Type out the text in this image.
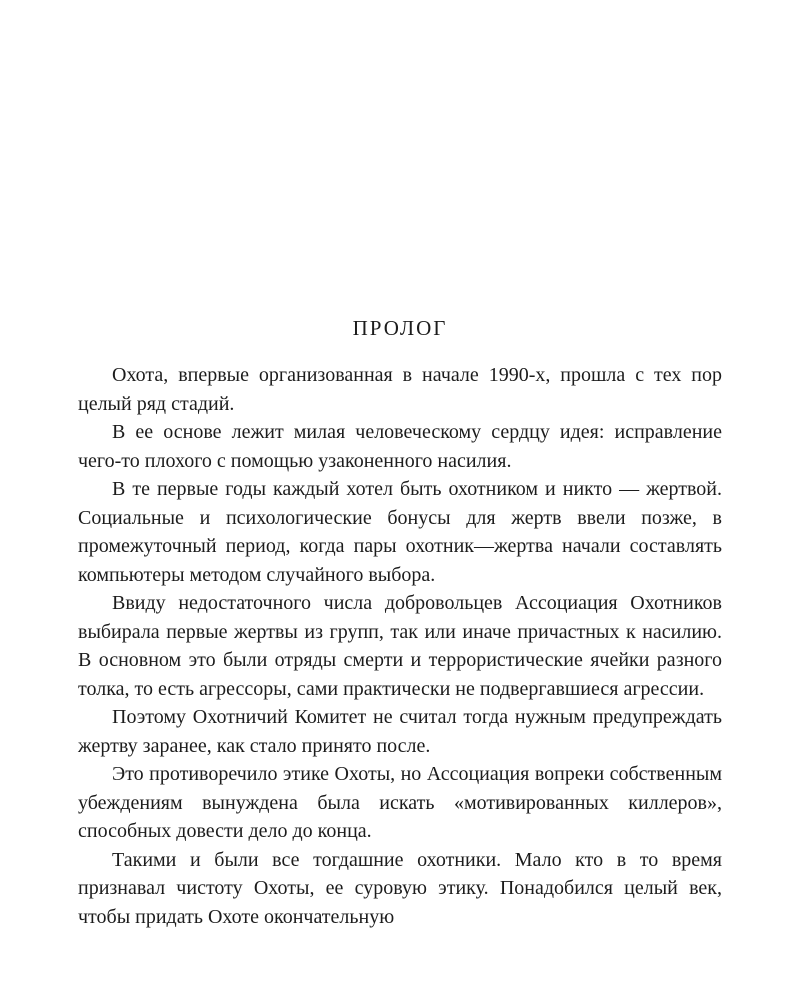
ПРОЛОГ

Охота, впервые организованная в начале 1990-х, прошла с тех пор целый ряд стадий.

В ее основе лежит милая человеческому сердцу идея: исправление чего-то плохого с помощью узаконенного насилия.

В те первые годы каждый хотел быть охотником и никто — жертвой. Социальные и психологические бонусы для жертв ввели позже, в промежуточный период, когда пары охотник—жертва начали составлять компьютеры методом случайного выбора.

Ввиду недостаточного числа добровольцев Ассоциация Охотников выбирала первые жертвы из групп, так или иначе причастных к насилию. В основном это были отряды смерти и террористические ячейки разного толка, то есть агрессоры, сами практически не подвергавшиеся агрессии.

Поэтому Охотничий Комитет не считал тогда нужным предупреждать жертву заранее, как стало принято после.

Это противоречило этике Охоты, но Ассоциация вопреки собственным убеждениям вынуждена была искать «мотивированных киллеров», способных довести дело до конца.

Такими и были все тогдашние охотники. Мало кто в то время признавал чистоту Охоты, ее суровую этику. Понадобился целый век, чтобы придать Охоте окончательную
